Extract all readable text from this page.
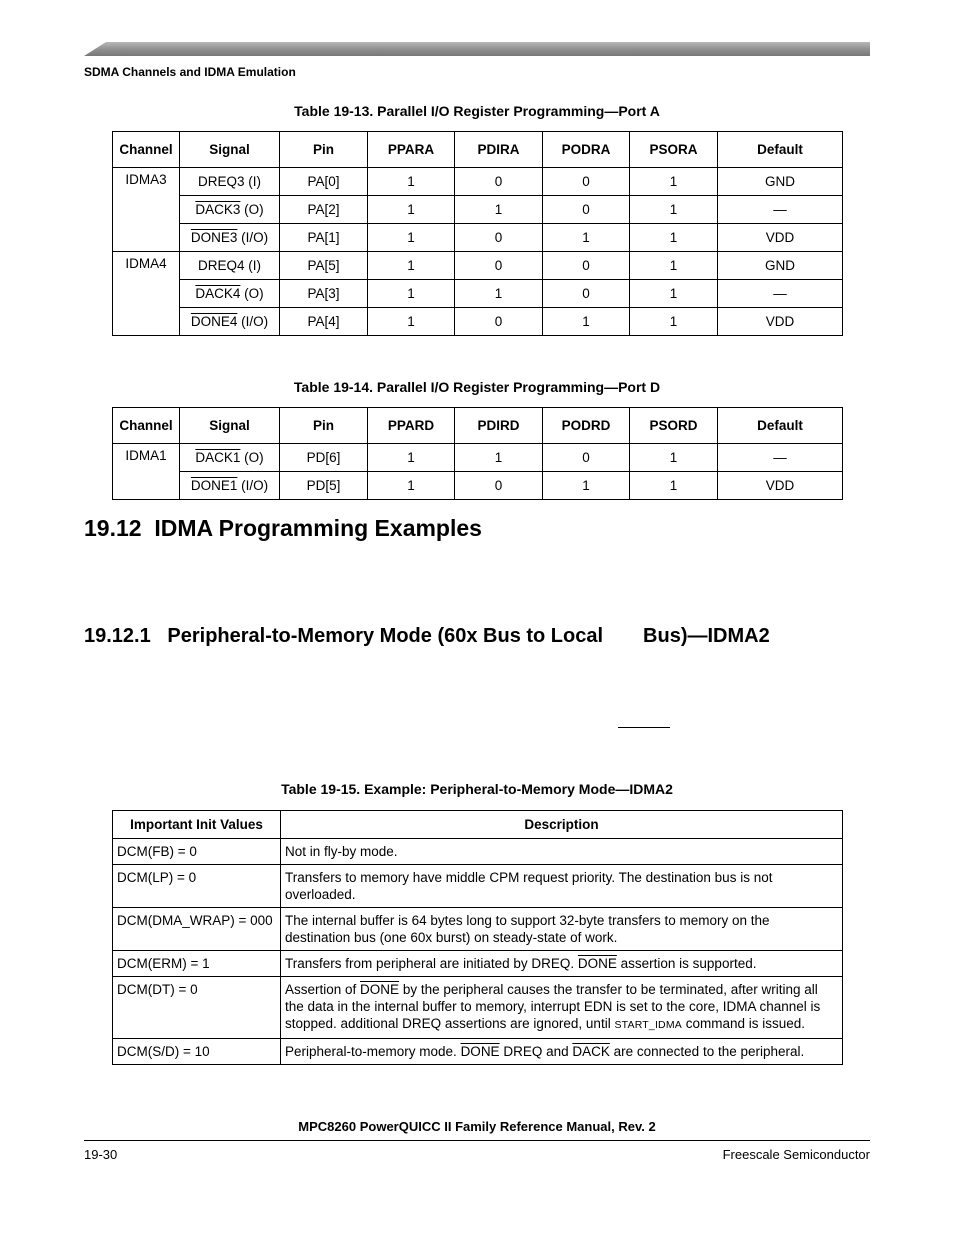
SDMA Channels and IDMA Emulation
Table 19-13. Parallel I/O Register Programming—Port A
Channel	Signal	Pin	PPARA	PDIRA	PODRA	PSORA	Default
IDMA3	DREQ3 (I)	PA[0]	1	0	0	1	GND
	DACK3 (O)	PA[2]	1	1	0	1	—
	DONE3 (I/O)	PA[1]	1	0	1	1	VDD
IDMA4	DREQ4 (I)	PA[5]	1	0	0	1	GND
	DACK4 (O)	PA[3]	1	1	0	1	—
	DONE4 (I/O)	PA[4]	1	0	1	1	VDD
Table 19-14. Parallel I/O Register Programming—Port D
Channel	Signal	Pin	PPARD	PDIRD	PODRD	PSORD	Default
IDMA1	DACK1 (O)	PD[6]	1	1	0	1	—
	DONE1 (I/O)	PD[5]	1	0	1	1	VDD
19.12 IDMA Programming Examples
19.12.1 Peripheral-to-Memory Mode (60x Bus to Local  Bus)—IDMA2
Table 19-15. Example: Peripheral-to-Memory Mode—IDMA2
Important Init Values	Description
DCM(FB) = 0	Not in fly-by mode.
DCM(LP) = 0	Transfers to memory have middle CPM request priority. The destination bus is not overloaded.
DCM(DMA_WRAP) = 000	The internal buffer is 64 bytes long to support 32-byte transfers to memory on the destination bus (one 60x burst) on steady-state of work.
DCM(ERM) = 1	Transfers from peripheral are initiated by DREQ. DONE assertion is supported.
DCM(DT) = 0	Assertion of DONE by the peripheral causes the transfer to be terminated, after writing all the data in the internal buffer to memory, interrupt EDN is set to the core, IDMA channel is stopped. additional DREQ assertions are ignored, until START_IDMA command is issued.
DCM(S/D) = 10	Peripheral-to-memory mode. DONE DREQ and DACK are connected to the peripheral.
MPC8260 PowerQUICC II Family Reference Manual, Rev. 2
19-30	Freescale Semiconductor
